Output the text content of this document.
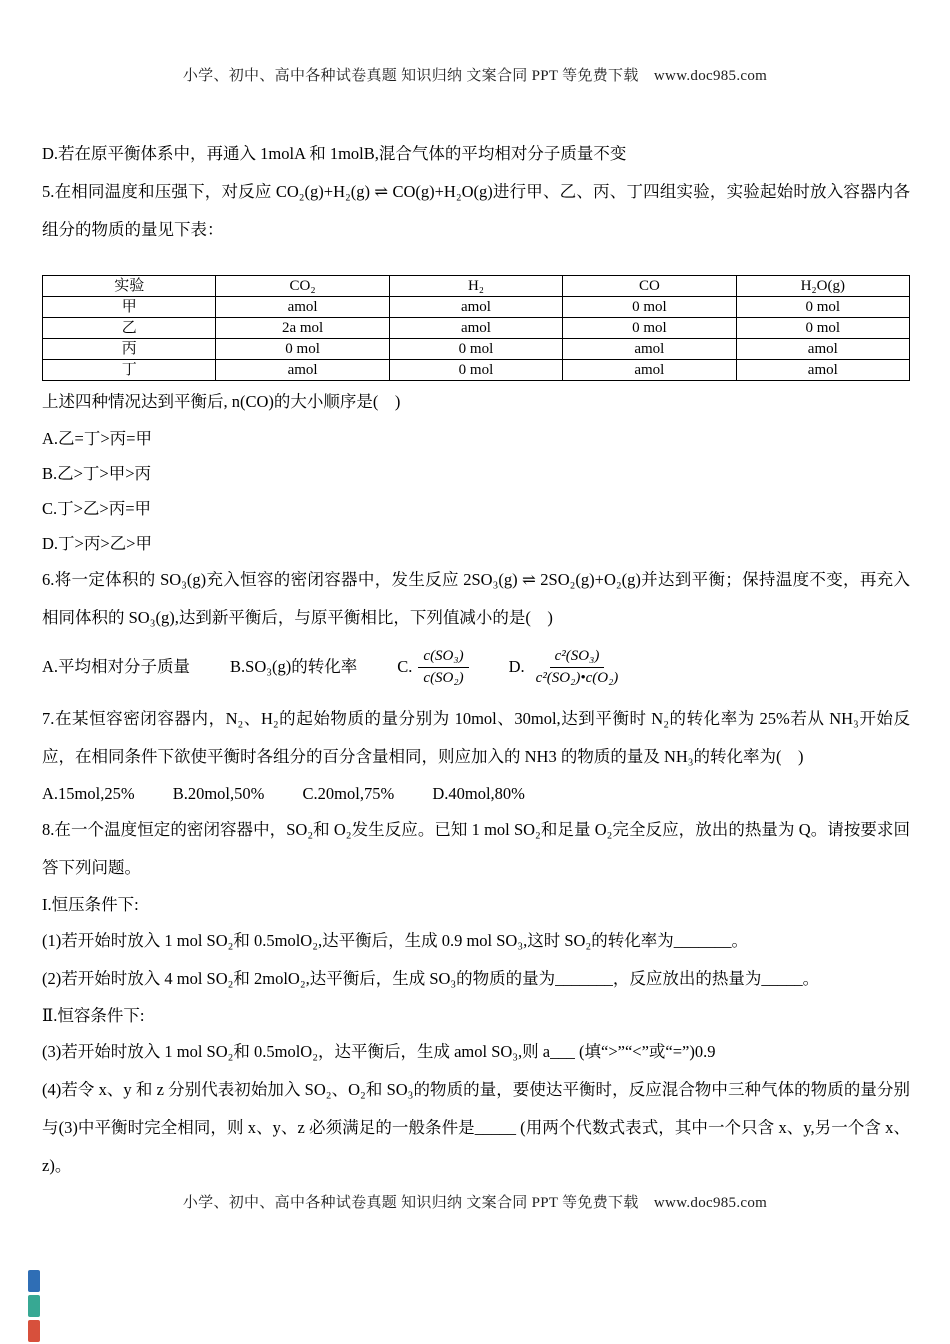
小学、初中、高中各种试卷真题 知识归纳 文案合同 PPT 等免费下载　www.doc985.com

D.若在原平衡体系中，再通入 1molA 和 1molB,混合气体的平均相对分子质量不变

5.在相同温度和压强下，对反应 CO₂(g)+H₂(g) ⇌ CO(g)+H₂O(g)进行甲、乙、丙、丁四组实验，实验起始时放入容器内各组分的物质的量见下表：

实验	CO₂	H₂	CO	H₂O(g)
甲	amol	amol	0 mol	0 mol
乙	2a mol	amol	0 mol	0 mol
丙	0 mol	0 mol	amol	amol
丁	amol	0 mol	amol	amol

上述四种情况达到平衡后, n(CO)的大小顺序是(　)

A.乙=丁>丙=甲

B.乙>丁>甲>丙

C.丁>乙>丙=甲

D.丁>丙>乙>甲

6.将一定体积的 SO₃(g)充入恒容的密闭容器中，发生反应 2SO₃(g) ⇌ 2SO₂(g)+O₂(g)并达到平衡；保持温度不变，再充入相同体积的 SO₃(g),达到新平衡后，与原平衡相比，下列值减小的是(　)

A.平均相对分子质量 B.SO₃(g)的转化率 C. $\frac{\text{c(SO₃)}}{\text{c(SO₂)}} D$. $\frac{\text{c²(SO₃)}}{\text{c²(SO₂)•c(O₂)}}$

7.在某恒容密闭容器内，N₂、H₂的起始物质的量分别为 10mol、30mol,达到平衡时 N₂的转化率为 25%若从 NH₃开始反应，在相同条件下欲使平衡时各组分的百分含量相同，则应加入的 NH3 的物质的量及 NH₃的转化率为(　)

A.15mol,25% B.20mol,50% C.20mol,75% D.40mol,80%

8.在一个温度恒定的密闭容器中，SO₂和 O₂发生反应。已知 1 mol SO₂和足量 O₂完全反应，放出的热量为 Q。请按要求回答下列问题。

I.恒压条件下:

(1)若开始时放入 1 mol SO₂和 0.5molO₂,达平衡后，生成 0.9 mol SO₃,这时 SO₂的转化率为_______。

(2)若开始时放入 4 mol SO₂和 2molO₂,达平衡后，生成 SO₃的物质的量为_______，反应放出的热量为_____。

Ⅱ.恒容条件下:

(3)若开始时放入 1 mol SO₂和 0.5molO₂，达平衡后，生成 amol SO₃,则 a___ (填“>”“<”或“=”)0.9

(4)若令 x、y 和 z 分别代表初始加入 SO₂、O₂和 SO₃的物质的量，要使达平衡时，反应混合物中三种气体的物质的量分别与(3)中平衡时完全相同，则 x、y、z 必须满足的一般条件是_____ (用两个代数式表式，其中一个只含 x、y,另一个含 x、z)。

小学、初中、高中各种试卷真题 知识归纳 文案合同 PPT 等免费下载　www.doc985.com
